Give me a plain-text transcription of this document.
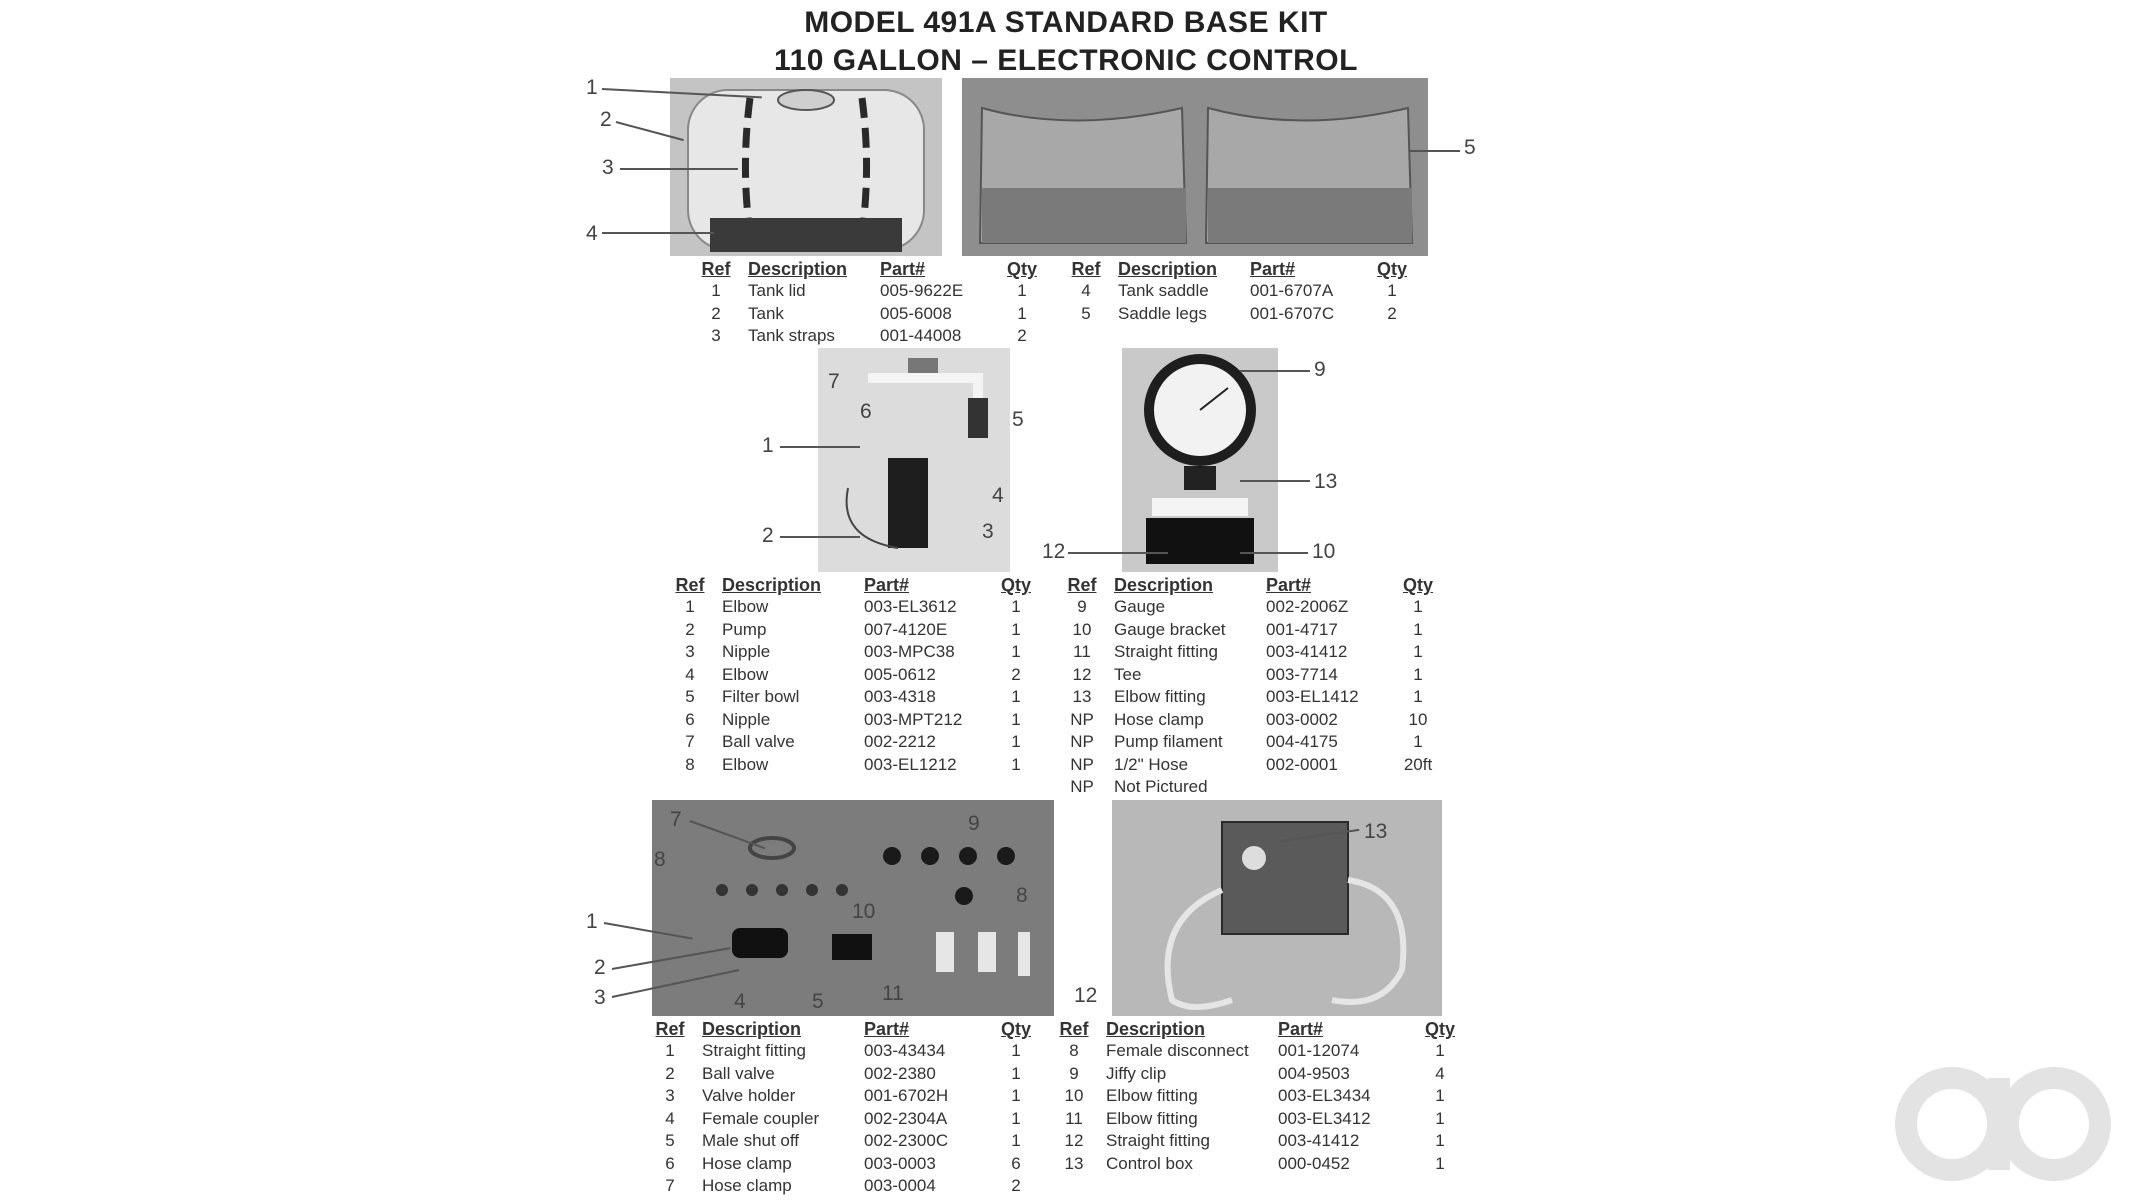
MODEL 491A STANDARD BASE KIT
110 GALLON – ELECTRONIC CONTROL
1
2
3
4
5
Ref	Description	Part#	Qty
1	Tank lid	005-9622E	1
2	Tank	005-6008	1
3	Tank straps	001-44008	2
Ref	Description	Part#	Qty
4	Tank saddle	001-6707A	1
5	Saddle legs	001-6707C	2
7
6	5
1
4
2	3
9
13
12	10
Ref	Description	Part#	Qty
1	Elbow	003-EL3612	1
2	Pump	007-4120E	1
3	Nipple	003-MPC38	1
4	Elbow	005-0612	2
5	Filter bowl	003-4318	1
6	Nipple	003-MPT212	1
7	Ball valve	002-2212	1
8	Elbow	003-EL1212	1
Ref	Description	Part#	Qty
9	Gauge	002-2006Z	1
10	Gauge bracket	001-4717	1
11	Straight fitting	003-41412	1
12	Tee	003-7714	1
13	Elbow fitting	003-EL1412	1
NP	Hose clamp	003-0002	10
NP	Pump filament	004-4175	1
NP	1/2" Hose	002-0001	20ft
NP	Not Pictured		
7	9
8
10
8
1
2
3	4	5	11	12
13
Ref	Description	Part#	Qty
1	Straight fitting	003-43434	1
2	Ball valve	002-2380	1
3	Valve holder	001-6702H	1
4	Female coupler	002-2304A	1
5	Male shut off	002-2300C	1
6	Hose clamp	003-0003	6
7	Hose clamp	003-0004	2
Ref	Description	Part#	Qty
8	Female disconnect	001-12074	1
9	Jiffy clip	004-9503	4
10	Elbow fitting	003-EL3434	1
11	Elbow fitting	003-EL3412	1
12	Straight fitting	003-41412	1
13	Control box	000-0452	1
